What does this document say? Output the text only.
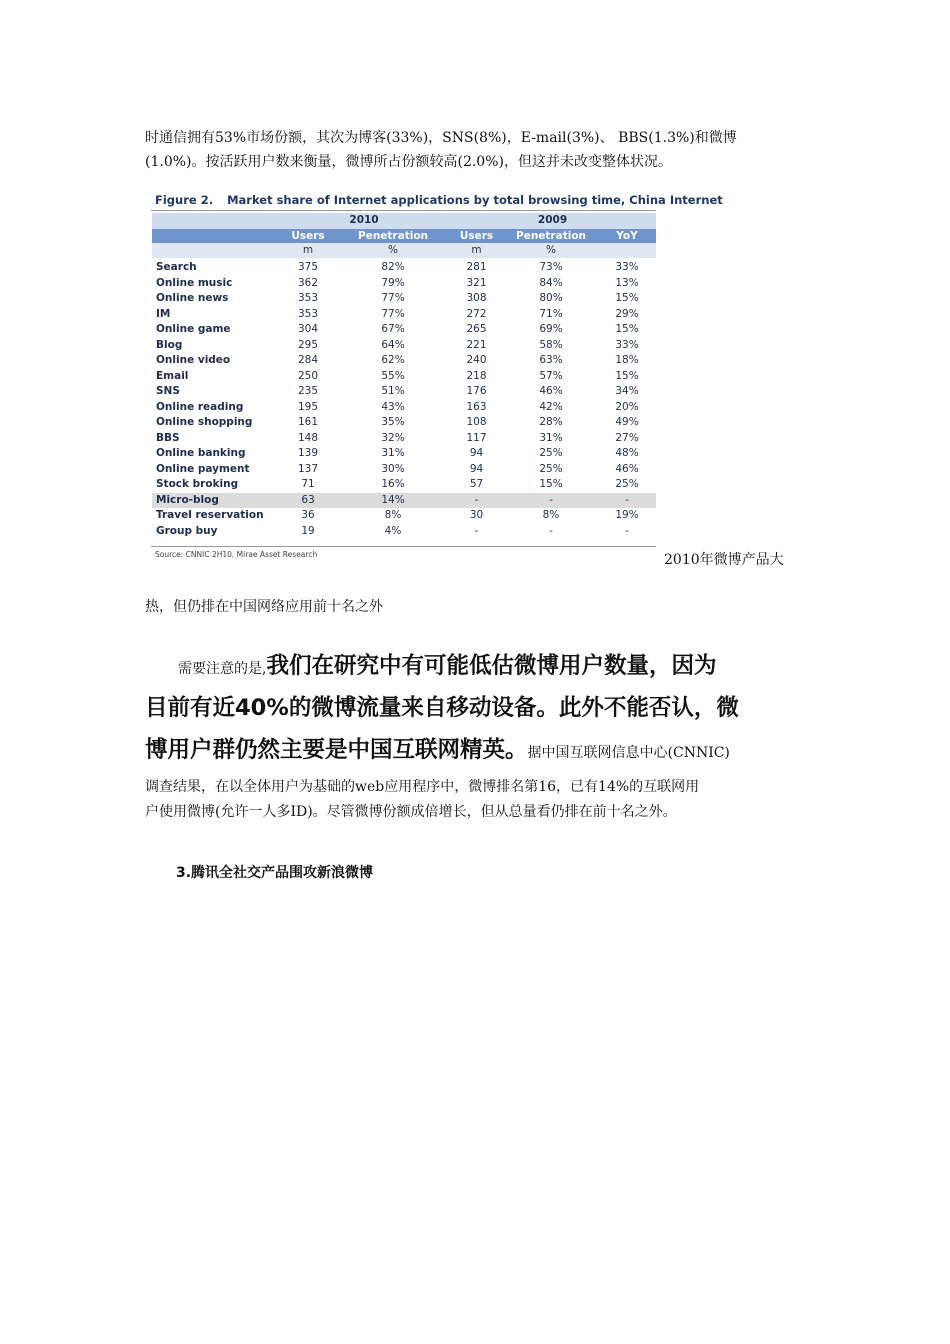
时通信拥有53%市场份额，其次为博客(33%)，SNS(8%)，E-mail(3%)、 BBS(1.3%)和微博
(1.0%)。按活跃用户数来衡量，微博所占份额较高(2.0%)，但这并未改变整体状况。

Figure 2. Market share of Internet applications by total browsing time, China Internet
	2010		2009		
	Users	Penetration	Users	Penetration	YoY
	m	%	m	%	
Search	375	82%	281	73%	33%
Online music	362	79%	321	84%	13%
Online news	353	77%	308	80%	15%
IM	353	77%	272	71%	29%
Online game	304	67%	265	69%	15%
Blog	295	64%	221	58%	33%
Online video	284	62%	240	63%	18%
Email	250	55%	218	57%	15%
SNS	235	51%	176	46%	34%
Online reading	195	43%	163	42%	20%
Online shopping	161	35%	108	28%	49%
BBS	148	32%	117	31%	27%
Online banking	139	31%	94	25%	48%
Online payment	137	30%	94	25%	46%
Stock broking	71	16%	57	15%	25%
Micro-blog	63	14%	-	-	-
Travel reservation	36	8%	30	8%	19%
Group buy	19	4%	-	-	-
Source: CNNIC 2H10, Mirae Asset Research	2010年微博产品大
热，但仍排在中国网络应用前十名之外

需要注意的是,我们在研究中有可能低估微博用户数量，因为
目前有近40%的微博流量来自移动设备。此外不能否认，微
博用户群仍然主要是中国互联网精英。据中国互联网信息中心(CNNIC)
调查结果，在以全体用户为基础的web应用程序中，微博排名第16，已有14%的互联网用
户使用微博(允许一人多ID)。尽管微博份额成倍增长，但从总量看仍排在前十名之外。

3.腾讯全社交产品围攻新浪微博
